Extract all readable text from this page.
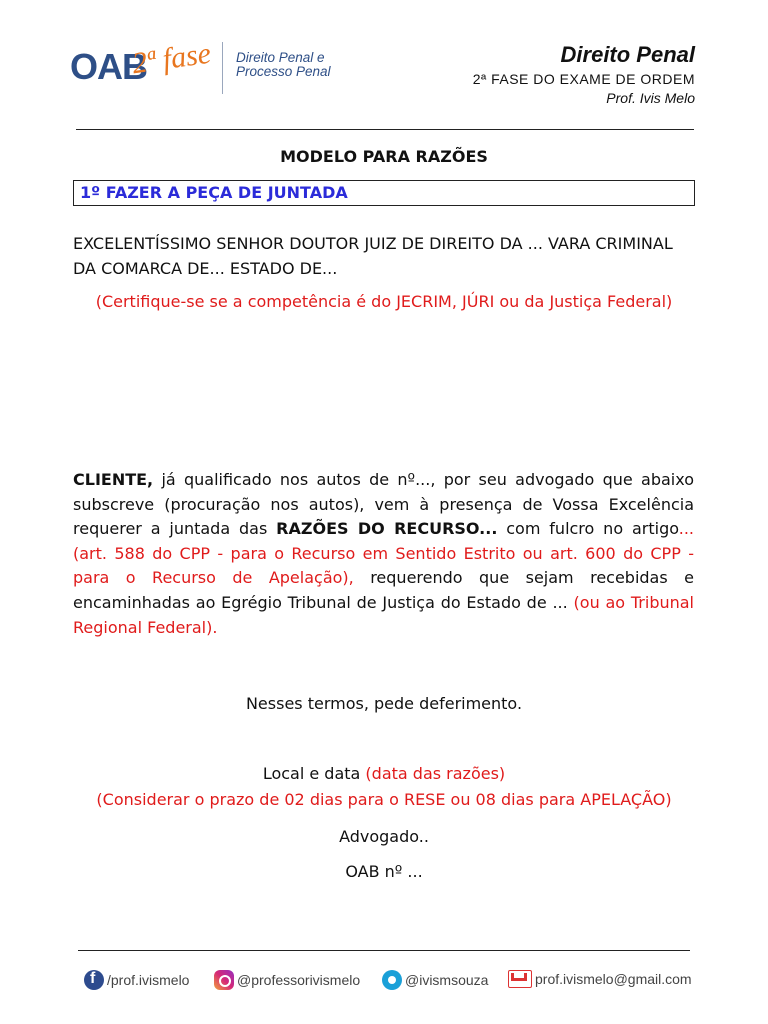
OAB
2ª fase Direito Penal e
Processo Penal
Direito Penal
2ª FASE DO EXAME DE ORDEM
Prof. Ivis Melo
MODELO PARA RAZÕES
1º FAZER A PEÇA DE JUNTADA
EXCELENTÍSSIMO SENHOR DOUTOR JUIZ DE DIREITO DA ... VARA CRIMINAL
DA COMARCA DE... ESTADO DE...
(Certifique-se se a competência é do JECRIM, JÚRI ou da Justiça Federal)
CLIENTE, já qualificado nos autos de nº..., por seu advogado que abaixo subscreve (procuração nos autos), vem à presença de Vossa Excelência requerer a juntada das RAZÕES DO RECURSO... com fulcro no artigo... (art. 588 do CPP - para o Recurso em Sentido Estrito ou art. 600 do CPP - para o Recurso de Apelação), requerendo que sejam recebidas e encaminhadas ao Egrégio Tribunal de Justiça do Estado de ... (ou ao Tribunal Regional Federal).
Nesses termos, pede deferimento.
Local e data (data das razões)
(Considerar o prazo de 02 dias para o RESE ou 08 dias para APELAÇÃO)
Advogado..
OAB nº ...
f
/prof.ivismelo	@professorivismelo	@ivismsouza	prof.ivismelo@gmail.com
